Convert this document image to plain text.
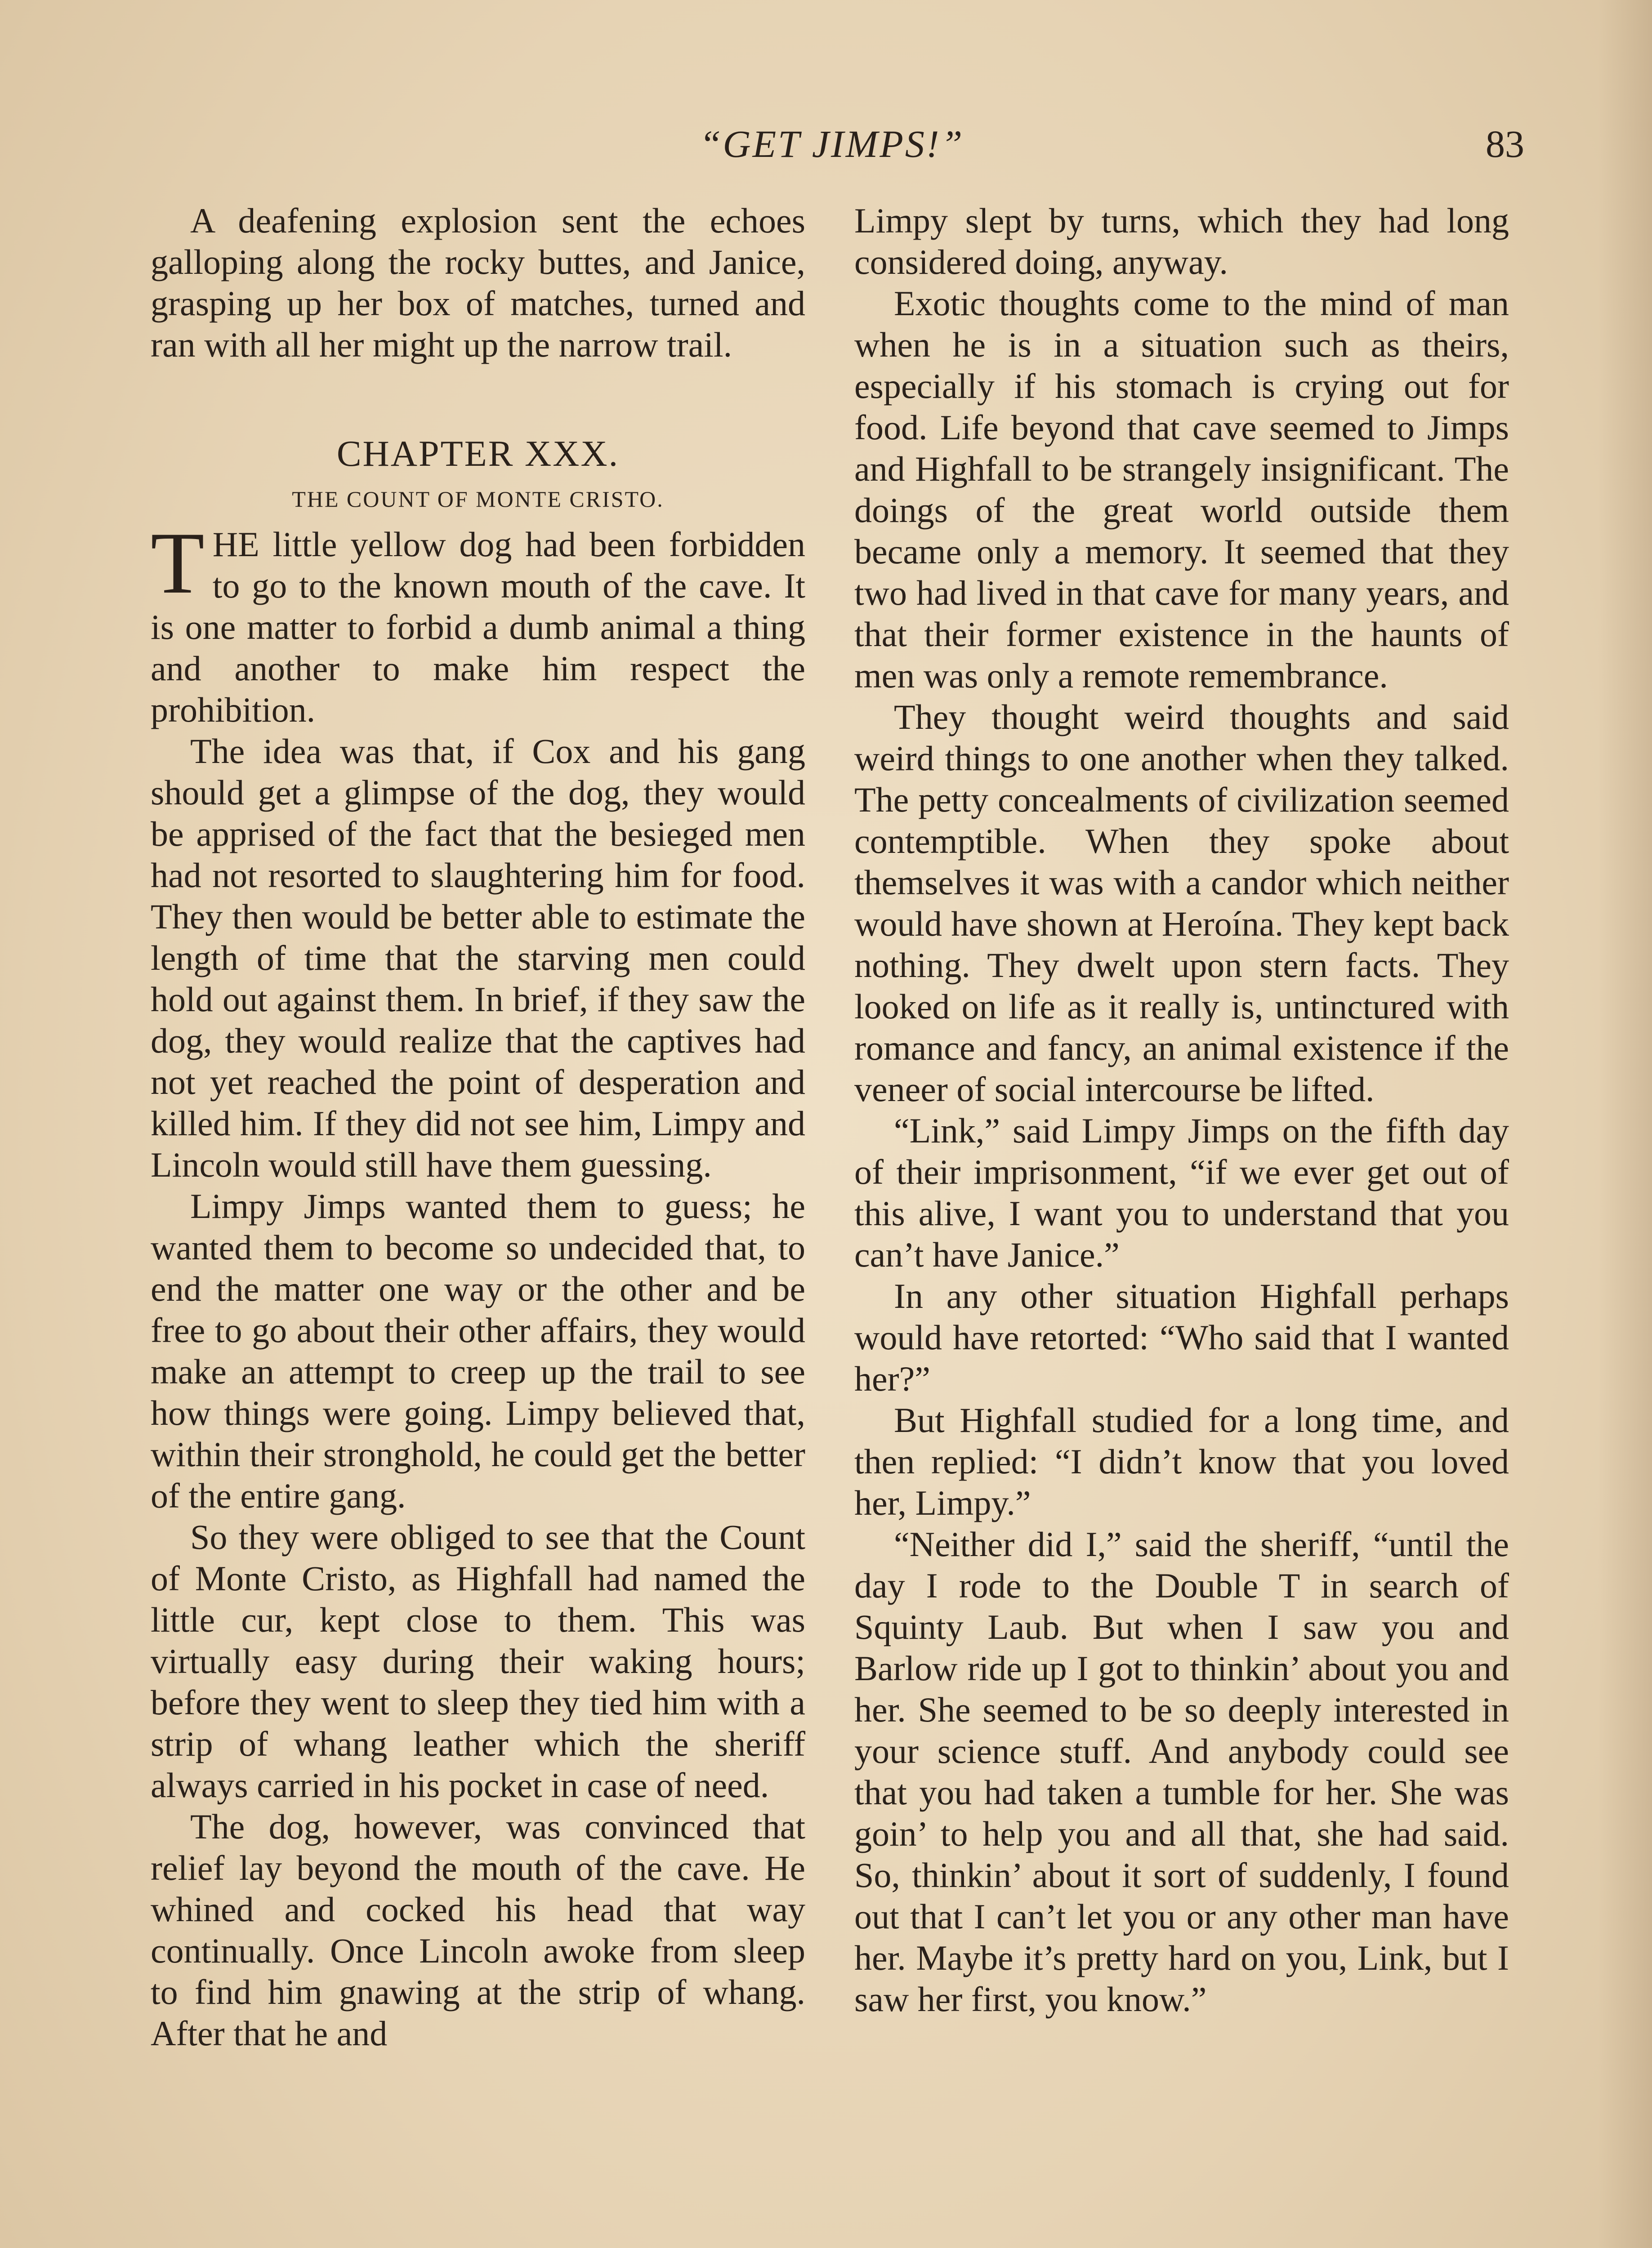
“GET JIMPS!”	83

A deafening explosion sent the echoes galloping along the rocky buttes, and Janice, grasping up her box of matches, turned and ran with all her might up the narrow trail.

CHAPTER XXX.
THE COUNT OF MONTE CRISTO.

THE little yellow dog had been forbidden to go to the known mouth of the cave. It is one matter to forbid a dumb animal a thing and another to make him respect the prohibition.

The idea was that, if Cox and his gang should get a glimpse of the dog, they would be apprised of the fact that the besieged men had not resorted to slaughtering him for food. They then would be better able to estimate the length of time that the starving men could hold out against them. In brief, if they saw the dog, they would realize that the captives had not yet reached the point of desperation and killed him. If they did not see him, Limpy and Lincoln would still have them guessing.

Limpy Jimps wanted them to guess; he wanted them to become so undecided that, to end the matter one way or the other and be free to go about their other affairs, they would make an attempt to creep up the trail to see how things were going. Limpy believed that, within their stronghold, he could get the better of the entire gang.

So they were obliged to see that the Count of Monte Cristo, as Highfall had named the little cur, kept close to them. This was virtually easy during their waking hours; before they went to sleep they tied him with a strip of whang leather which the sheriff always carried in his pocket in case of need.

The dog, however, was convinced that relief lay beyond the mouth of the cave. He whined and cocked his head that way continually. Once Lincoln awoke from sleep to find him gnawing at the strip of whang. After that he and

Limpy slept by turns, which they had long considered doing, anyway.

Exotic thoughts come to the mind of man when he is in a situation such as theirs, especially if his stomach is crying out for food. Life beyond that cave seemed to Jimps and Highfall to be strangely insignificant. The doings of the great world outside them became only a memory. It seemed that they two had lived in that cave for many years, and that their former existence in the haunts of men was only a remote remembrance.

They thought weird thoughts and said weird things to one another when they talked. The petty concealments of civilization seemed contemptible. When they spoke about themselves it was with a candor which neither would have shown at Heroína. They kept back nothing. They dwelt upon stern facts. They looked on life as it really is, untinctured with romance and fancy, an animal existence if the veneer of social intercourse be lifted.

“Link,” said Limpy Jimps on the fifth day of their imprisonment, “if we ever get out of this alive, I want you to understand that you can’t have Janice.”

In any other situation Highfall perhaps would have retorted: “Who said that I wanted her?”

But Highfall studied for a long time, and then replied: “I didn’t know that you loved her, Limpy.”

“Neither did I,” said the sheriff, “until the day I rode to the Double T in search of Squinty Laub. But when I saw you and Barlow ride up I got to thinkin’ about you and her. She seemed to be so deeply interested in your science stuff. And anybody could see that you had taken a tumble for her. She was goin’ to help you and all that, she had said. So, thinkin’ about it sort of suddenly, I found out that I can’t let you or any other man have her. Maybe it’s pretty hard on you, Link, but I saw her first, you know.”
